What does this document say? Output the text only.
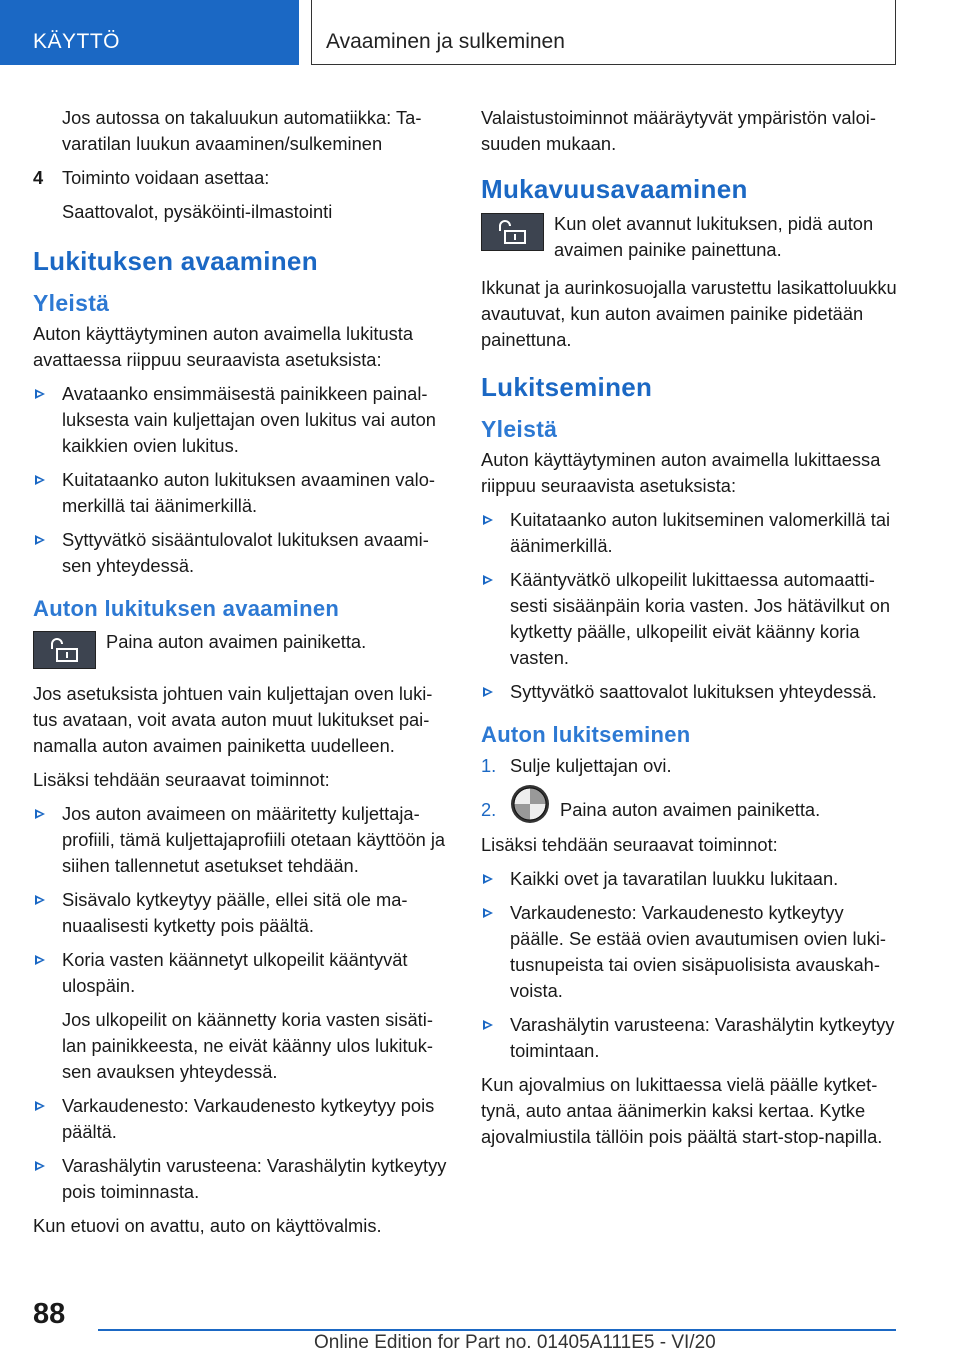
KÄYTTÖ	Avaaminen ja sulkeminen

Jos autossa on takaluukun automatiikka: Tavaratilan luukun avaaminen/sulkeminen

4	Toiminto voidaan asettaa:

Saattovalot, pysäköinti-ilmastointi

Lukituksen avaaminen
Yleistä

Auton käyttäytyminen auton avaimella lukitusta avattaessa riippuu seuraavista asetuksista:

Avataanko ensimmäisestä painikkeen painalluksesta vain kuljettajan oven lukitus vai auton kaikkien ovien lukitus.
Kuitataanko auton lukituksen avaaminen valomerkillä tai äänimerkillä.
Syttyvätkö sisääntulovalot lukituksen avaamisen yhteydessä.
Auton lukituksen avaaminen
Paina auton avaimen painiketta.

Jos asetuksista johtuen vain kuljettajan oven lukitus avataan, voit avata auton muut lukitukset painamalla auton avaimen painiketta uudelleen.

Lisäksi tehdään seuraavat toiminnot:

Jos auton avaimeen on määritetty kuljettajaprofiili, tämä kuljettajaprofiili otetaan käyttöön ja siihen tallennetut asetukset tehdään.
Sisävalo kytkeytyy päälle, ellei sitä ole manuaalisesti kytketty pois päältä.
Koria vasten käännetyt ulkopeilit kääntyvät ulospäin.

Jos ulkopeilit on käännetty koria vasten sisätilan painikkeesta, ne eivät käänny ulos lukituksen avauksen yhteydessä.

Varkaudenesto: Varkaudenesto kytkeytyy pois päältä.
Varashälytin varusteena: Varashälytin kytkeytyy pois toiminnasta.

Kun etuovi on avattu, auto on käyttövalmis.

Valaistustoiminnot määräytyvät ympäristön valoisuuden mukaan.

Mukavuusavaaminen
Kun olet avannut lukituksen, pidä auton avaimen painike painettuna.

Ikkunat ja aurinkosuojalla varustettu lasikattoluukku avautuvat, kun auton avaimen painike pidetään painettuna.

Lukitseminen
Yleistä

Auton käyttäytyminen auton avaimella lukittaessa riippuu seuraavista asetuksista:

Kuitataanko auton lukitseminen valomerkillä tai äänimerkillä.
Kääntyvätkö ulkopeilit lukittaessa automaattisesti sisäänpäin koria vasten. Jos hätävilkut on kytketty päälle, ulkopeilit eivät käänny koria vasten.
Syttyvätkö saattovalot lukituksen yhteydessä.
Auton lukitseminen
1. Sulje kuljettajan ovi.
2.	Paina auton avaimen painiketta.

Lisäksi tehdään seuraavat toiminnot:

Kaikki ovet ja tavaratilan luukku lukitaan.
Varkaudenesto: Varkaudenesto kytkeytyy päälle. Se estää ovien avautumisen ovien lukitusnupeista tai ovien sisäpuolisista avauskahvoista.
Varashälytin varusteena: Varashälytin kytkeytyy toimintaan.

Kun ajovalmius on lukittaessa vielä päälle kytkettynä, auto antaa äänimerkin kaksi kertaa. Kytke ajovalmiustila tällöin pois päältä start-stop-napilla.

88
Online Edition for Part no. 01405A111E5 - VI/20
